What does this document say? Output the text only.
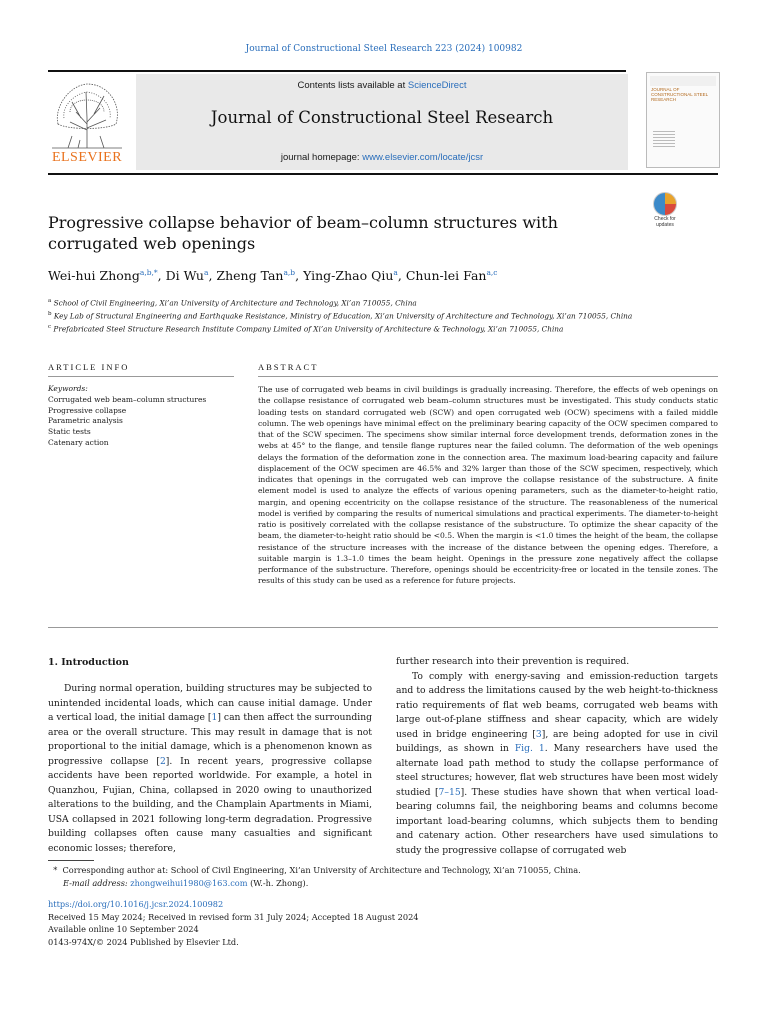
Journal of Constructional Steel Research 223 (2024) 100982
ELSEVIER
Contents lists available at ScienceDirect
Journal of Constructional Steel Research
journal homepage: www.elsevier.com/locate/jcsr
JOURNAL OF CONSTRUCTIONAL STEEL RESEARCH
Progressive collapse behavior of beam–column structures with corrugated web openings
Check for updates
Wei-hui Zhong$^{a,b,*}$, Di Wu$^a$, Zheng Tan$^{a,b}$, Ying-Zhao Qiu$^a$, Chun-lei Fan$^{a,c}$
$^a$ School of Civil Engineering, Xi’an University of Architecture and Technology, Xi’an 710055, China
$^b$ Key Lab of Structural Engineering and Earthquake Resistance, Ministry of Education, Xi’an University of Architecture and Technology, Xi’an 710055, China
$^c$ Prefabricated Steel Structure Research Institute Company Limited of Xi’an University of Architecture & Technology, Xi’an 710055, China
ARTICLE INFO	ABSTRACT
Keywords:
Corrugated web beam–column structures
Progressive collapse
Parametric analysis
Static tests
Catenary action
The use of corrugated web beams in civil buildings is gradually increasing. Therefore, the effects of web openings on the collapse resistance of corrugated web beam–column structures must be investigated. This study conducts static loading tests on standard corrugated web (SCW) and open corrugated web (OCW) specimens with a failed middle column. The web openings have minimal effect on the preliminary bearing capacity of the OCW specimen compared to that of the SCW specimen. The specimens show similar internal force development trends, deformation zones in the webs at 45° to the flange, and tensile flange ruptures near the failed column. The deformation of the web openings delays the formation of the deformation zone in the connection area. The maximum load-bearing capacity and failure displacement of the OCW specimen are 46.5% and 32% larger than those of the SCW specimen, respectively, which indicates that openings in the corrugated web can improve the collapse resistance of the substructure. A finite element model is used to analyze the effects of various opening parameters, such as the diameter-to-height ratio, margin, and opening eccentricity on the collapse resistance of the structure. The reasonableness of the numerical model is verified by comparing the results of numerical simulations and practical experiments. The diameter-to-height ratio is positively correlated with the collapse resistance of the substructure. To optimize the shear capacity of the beam, the diameter-to-height ratio should be <0.5. When the margin is <1.0 times the height of the beam, the collapse resistance of the structure increases with the increase of the distance between the opening edges. Therefore, a suitable margin is 1.3–1.0 times the beam height. Openings in the pressure zone negatively affect the collapse performance of the substructure. Therefore, openings should be eccentricity-free or located in the tensile zones. The results of this study can be used as a reference for future projects.
1. Introduction

During normal operation, building structures may be subjected to unintended incidental loads, which can cause initial damage. Under a vertical load, the initial damage [1] can then affect the surrounding area or the overall structure. This may result in damage that is not proportional to the initial damage, which is a phenomenon known as progressive collapse [2]. In recent years, progressive collapse accidents have been reported worldwide. For example, a hotel in Quanzhou, Fujian, China, collapsed in 2020 owing to unauthorized alterations to the building, and the Champlain Apartments in Miami, USA collapsed in 2021 following long-term degradation. Progressive building collapses often cause many casualties and significant economic losses; therefore,

further research into their prevention is required.

To comply with energy-saving and emission-reduction targets and to address the limitations caused by the web height-to-thickness ratio requirements of flat web beams, corrugated web beams with large out-of-plane stiffness and shear capacity, which are widely used in bridge engineering [3], are being adopted for use in civil buildings, as shown in Fig. 1. Many researchers have used the alternate load path method to study the collapse performance of steel structures; however, flat web structures have been most widely studied [7–15]. These studies have shown that when vertical load-bearing columns fail, the neighboring beams and columns become important load-bearing columns, which subjects them to bending and catenary action. Other researchers have used simulations to study the progressive collapse of corrugated web

* Corresponding author at: School of Civil Engineering, Xi’an University of Architecture and Technology, Xi’an 710055, China.
E-mail address: zhongweihui1980@163.com (W.-h. Zhong).
https://doi.org/10.1016/j.jcsr.2024.100982
Received 15 May 2024; Received in revised form 31 July 2024; Accepted 18 August 2024
Available online 10 September 2024
0143-974X/© 2024 Published by Elsevier Ltd.
